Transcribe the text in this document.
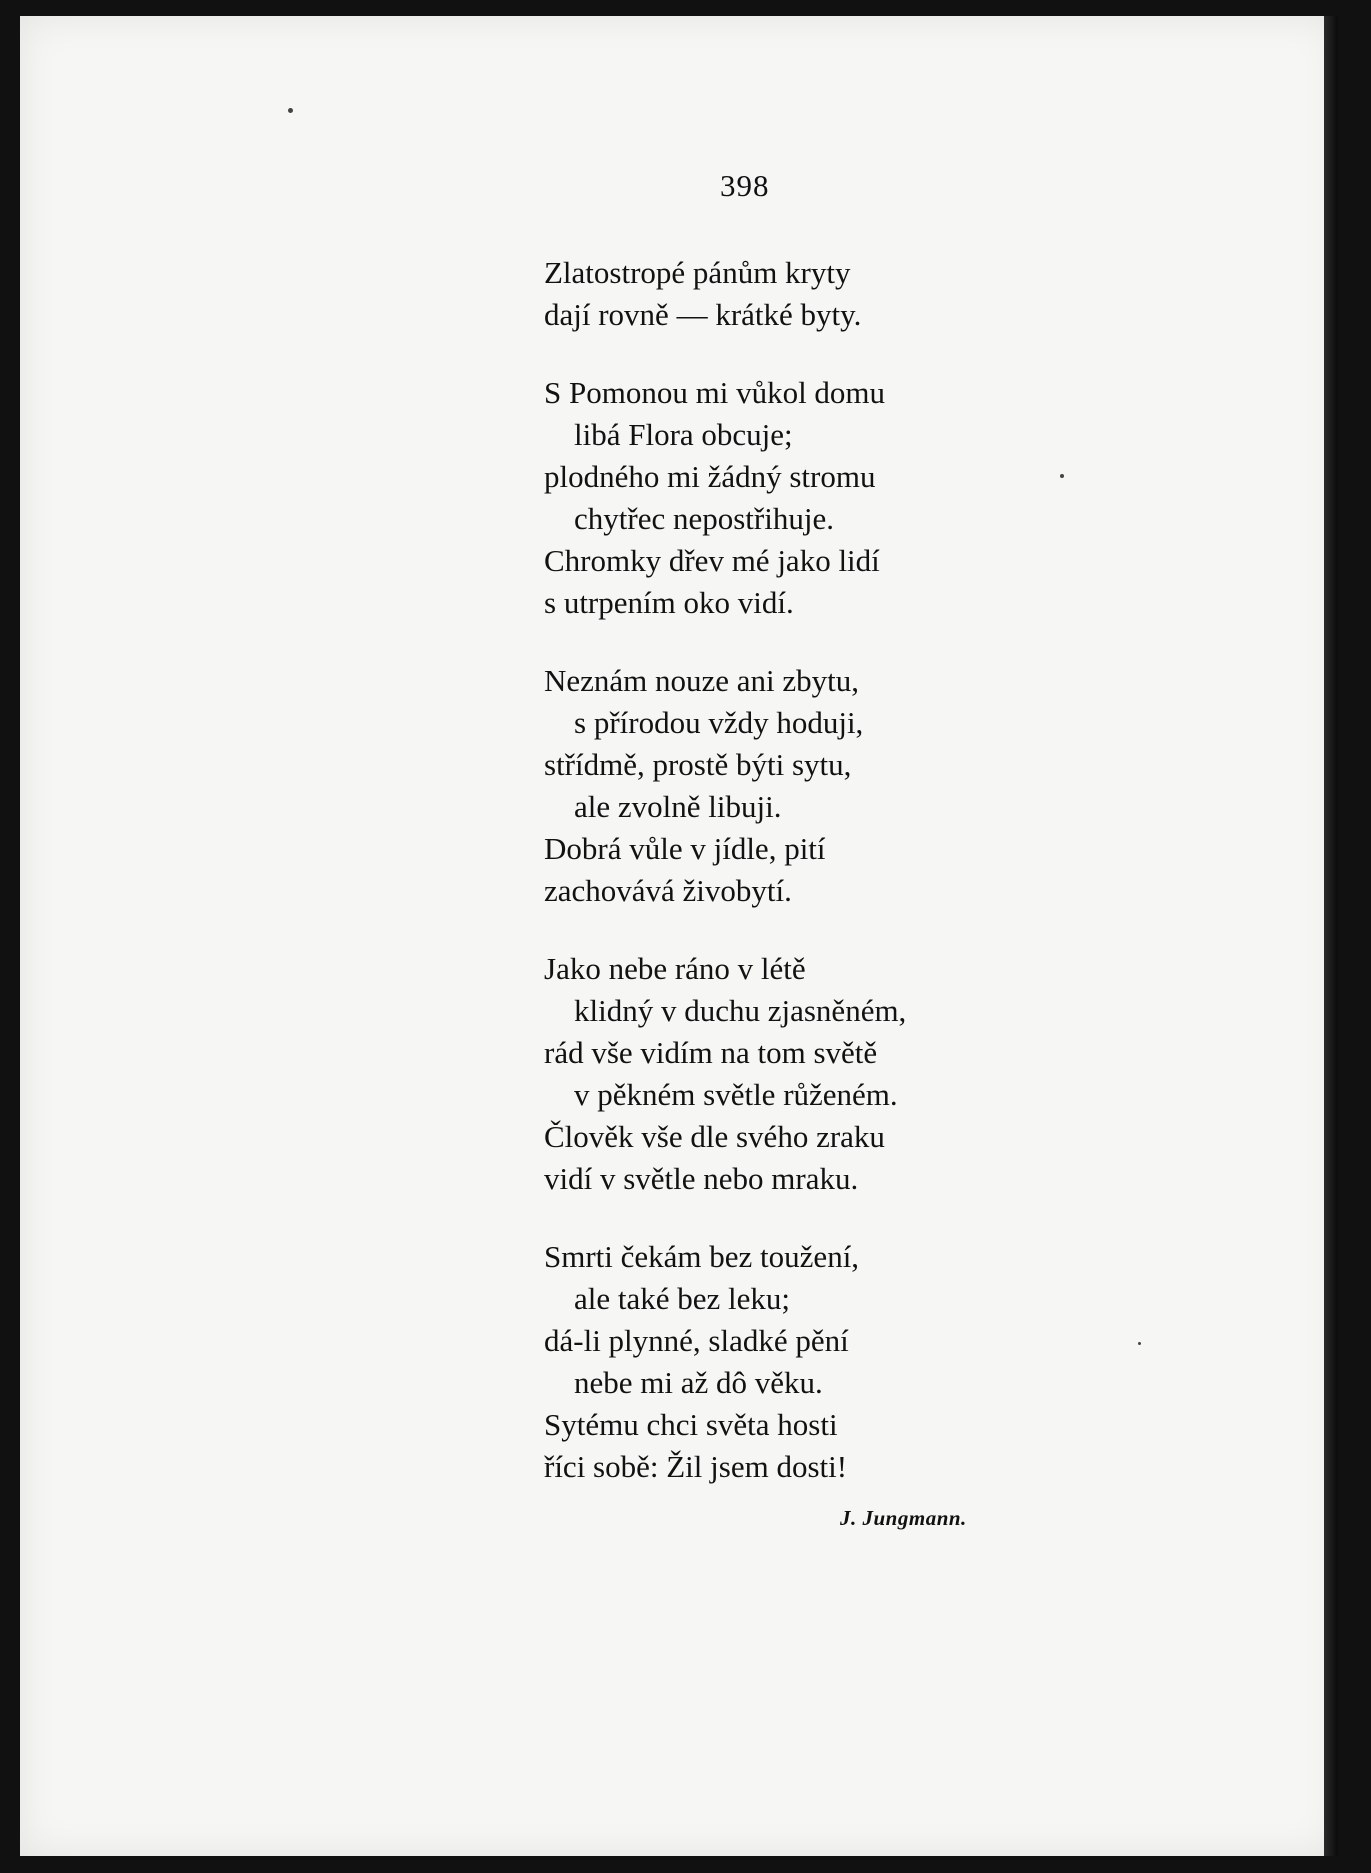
398
Zlatostropé pánům kryty
dají rovně — krátké byty.
S Pomonou mi vůkol domu
libá Flora obcuje;
plodného mi žádný stromu
chytřec nepostřihuje.
Chromky dřev mé jako lidí
s utrpením oko vidí.
Neznám nouze ani zbytu,
s přírodou vždy hoduji,
střídmě, prostě býti sytu,
ale zvolně libuji.
Dobrá vůle v jídle, pití
zachovává živobytí.
Jako nebe ráno v létě
klidný v duchu zjasněném,
rád vše vidím na tom světě
v pěkném světle růženém.
Člověk vše dle svého zraku
vidí v světle nebo mraku.
Smrti čekám bez toužení,
ale také bez leku;
dá-li plynné, sladké pění
nebe mi až dô věku.
Sytému chci světa hosti
říci sobě: Žil jsem dosti!
J. Jungmann.
